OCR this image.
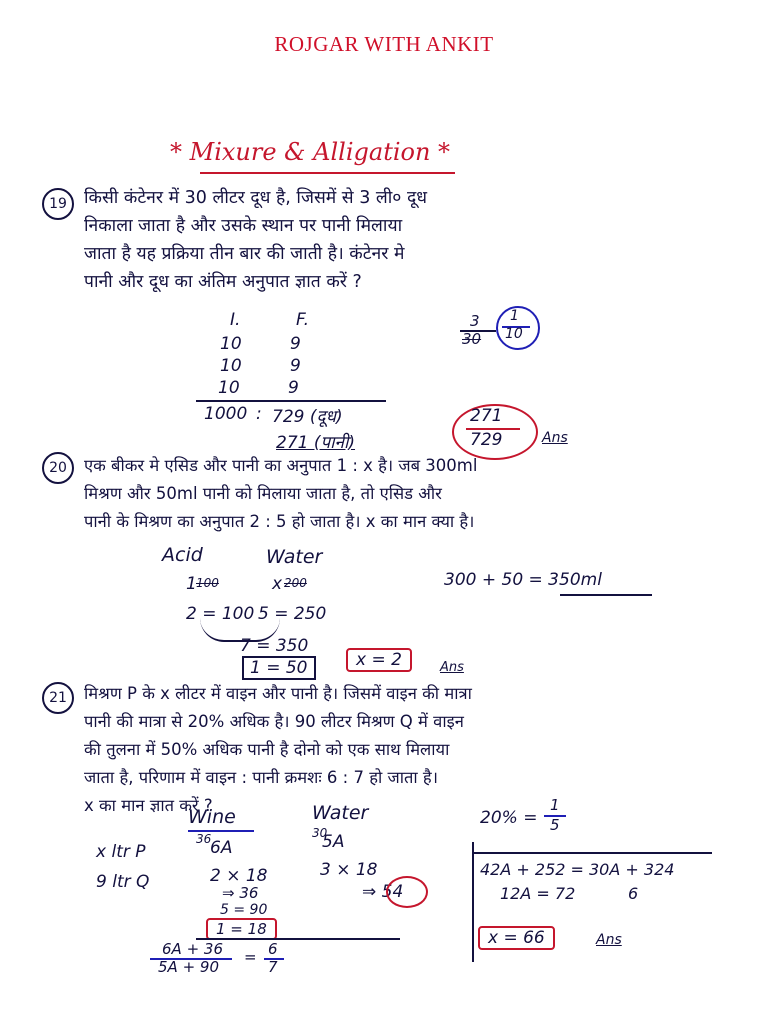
ROJGAR WITH ANKIT
* Mixure & Alligation *
19 किसी कंटेनर में 30 लीटर दूध है, जिसमें से 3 ली० दूध
निकाला जाता है और उसके स्थान पर पानी मिलाया
जाता है यह प्रक्रिया तीन बार की जाती है। कंटेनर मे
पानी और दूध का अंतिम अनुपात ज्ञात करें ?
I.	F.
10	9
10	9
10	9
1000 : 729 (दूध)
271 (पानी)
3
30
1
10
271
729	Ans
20	एक बीकर मे एसिड और पानी का अनुपात 1 : x है। जब 300ml
मिश्रण और 50ml पानी को मिलाया जाता है, तो एसिड और
पानी के मिश्रण का अनुपात 2 : 5 हो जाता है। x का मान क्या है।
Acid	Water
1 100	x 200
2 = 100 5 = 250
300 + 50 = 350ml
7 = 350
1 = 50	x = 2	Ans
21	मिश्रण P के x लीटर में वाइन और पानी है। जिसमें वाइन की मात्रा
पानी की मात्रा से 20% अधिक है। 90 लीटर मिश्रण Q में वाइन
की तुलना में 50% अधिक पानी है दोनो को एक साथ मिलाया
जाता है, परिणाम में वाइन : पानी क्रमशः 6 : 7 हो जाता है।
x का मान ज्ञात करें ?
Wine	Water
36	30
x ltr P	6A	5A
9 ltr Q	2 × 18	3 × 18
⇒ 36	⇒ 54
5 = 90
1 = 18
6A + 36
5A + 90
= 6
7
20% =
1
5
42A + 252 = 30A + 324
12A = 72	6
x = 66	Ans
